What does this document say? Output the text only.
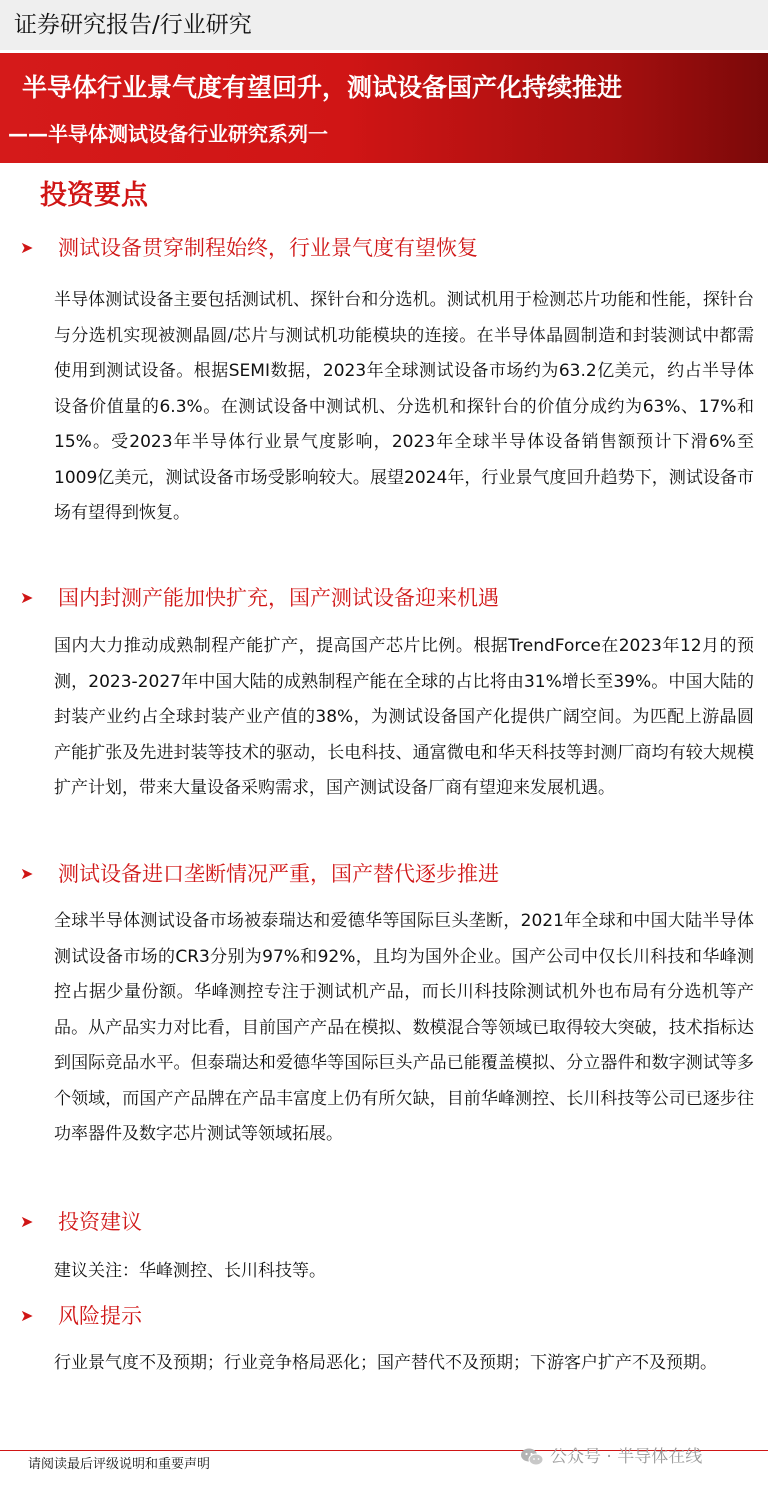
证券研究报告/行业研究
半导体行业景气度有望回升，测试设备国产化持续推进
——半导体测试设备行业研究系列一
投资要点
➤ 测试设备贯穿制程始终，行业景气度有望恢复
半导体测试设备主要包括测试机、探针台和分选机。测试机用于检测芯片功能和性能，探针台与分选机实现被测晶圆/芯片与测试机功能模块的连接。在半导体晶圆制造和封装测试中都需使用到测试设备。根据SEMI数据，2023年全球测试设备市场约为63.2亿美元，约占半导体设备价值量的6.3%。在测试设备中测试机、分选机和探针台的价值分成约为63%、17%和15%。受2023年半导体行业景气度影响，2023年全球半导体设备销售额预计下滑6%至1009亿美元，测试设备市场受影响较大。展望2024年，行业景气度回升趋势下，测试设备市场有望得到恢复。
➤ 国内封测产能加快扩充，国产测试设备迎来机遇
国内大力推动成熟制程产能扩产，提高国产芯片比例。根据TrendForce在2023年12月的预测，2023-2027年中国大陆的成熟制程产能在全球的占比将由31%增长至39%。中国大陆的封装产业约占全球封装产业产值的38%，为测试设备国产化提供广阔空间。为匹配上游晶圆产能扩张及先进封装等技术的驱动，长电科技、通富微电和华天科技等封测厂商均有较大规模扩产计划，带来大量设备采购需求，国产测试设备厂商有望迎来发展机遇。
➤ 测试设备进口垄断情况严重，国产替代逐步推进
全球半导体测试设备市场被泰瑞达和爱德华等国际巨头垄断，2021年全球和中国大陆半导体测试设备市场的CR3分别为97%和92%，且均为国外企业。国产公司中仅长川科技和华峰测控占据少量份额。华峰测控专注于测试机产品，而长川科技除测试机外也布局有分选机等产品。从产品实力对比看，目前国产产品在模拟、数模混合等领域已取得较大突破，技术指标达到国际竞品水平。但泰瑞达和爱德华等国际巨头产品已能覆盖模拟、分立器件和数字测试等多个领域，而国产产品牌在产品丰富度上仍有所欠缺，目前华峰测控、长川科技等公司已逐步往功率器件及数字芯片测试等领域拓展。
➤ 投资建议
建议关注：华峰测控、长川科技等。
➤ 风险提示
行业景气度不及预期；行业竞争格局恶化；国产替代不及预期；下游客户扩产不及预期。
请阅读最后评级说明和重要声明	公众号 · 半导体在线
